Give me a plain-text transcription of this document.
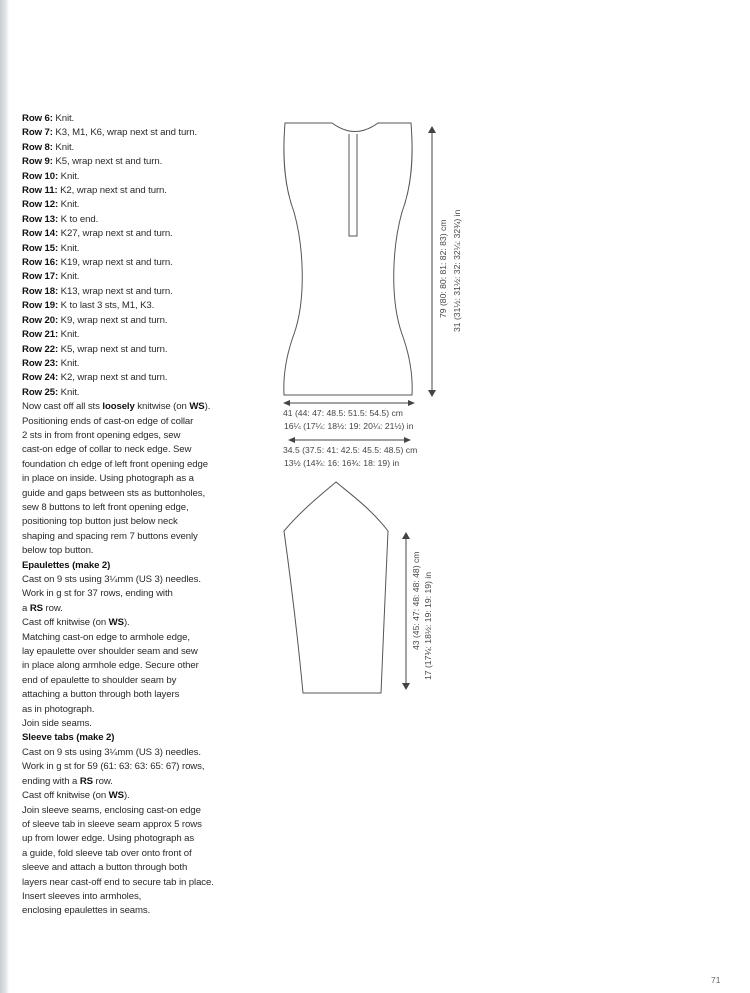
Row 6: Knit.
Row 7: K3, M1, K6, wrap next st and turn.
Row 8: Knit.
Row 9: K5, wrap next st and turn.
Row 10: Knit.
Row 11: K2, wrap next st and turn.
Row 12: Knit.
Row 13: K to end.
Row 14: K27, wrap next st and turn.
Row 15: Knit.
Row 16: K19, wrap next st and turn.
Row 17: Knit.
Row 18: K13, wrap next st and turn.
Row 19: K to last 3 sts, M1, K3.
Row 20: K9, wrap next st and turn.
Row 21: Knit.
Row 22: K5, wrap next st and turn.
Row 23: Knit.
Row 24: K2, wrap next st and turn.
Row 25: Knit.
Now cast off all sts loosely knitwise (on WS).
Positioning ends of cast-on edge of collar
2 sts in from front opening edges, sew
cast-on edge of collar to neck edge. Sew
foundation ch edge of left front opening edge
in place on inside. Using photograph as a
guide and gaps between sts as buttonholes,
sew 8 buttons to left front opening edge,
positioning top button just below neck
shaping and spacing rem 7 buttons evenly
below top button.
Epaulettes (make 2)
Cast on 9 sts using 3¼mm (US 3) needles.
Work in g st for 37 rows, ending with
a RS row.
Cast off knitwise (on WS).
Matching cast-on edge to armhole edge,
lay epaulette over shoulder seam and sew
in place along armhole edge. Secure other
end of epaulette to shoulder seam by
attaching a button through both layers
as in photograph.
Join side seams.
Sleeve tabs (make 2)
Cast on 9 sts using 3¼mm (US 3) needles.
Work in g st for 59 (61: 63: 63: 65: 67) rows,
ending with a RS row.
Cast off knitwise (on WS).
Join sleeve seams, enclosing cast-on edge
of sleeve tab in sleeve seam approx 5 rows
up from lower edge. Using photograph as
a guide, fold sleeve tab over onto front of
sleeve and attach a button through both
layers near cast-off end to secure tab in place.
Insert sleeves into armholes,
enclosing epaulettes in seams.
79 (80: 80: 81: 82: 83) cm 31 (31½: 31½: 32: 32¼: 32¾) in
41 (44: 47: 48.5: 51.5: 54.5) cm
16¼ (17¼: 18½: 19: 20¼: 21½) in
34.5 (37.5: 41: 42.5: 45.5: 48.5) cm
13½ (14¾: 16: 16¾: 18: 19) in
43 (45: 47: 48: 48: 48) cm 17 (17¾: 18½: 19: 19: 19) in
71
